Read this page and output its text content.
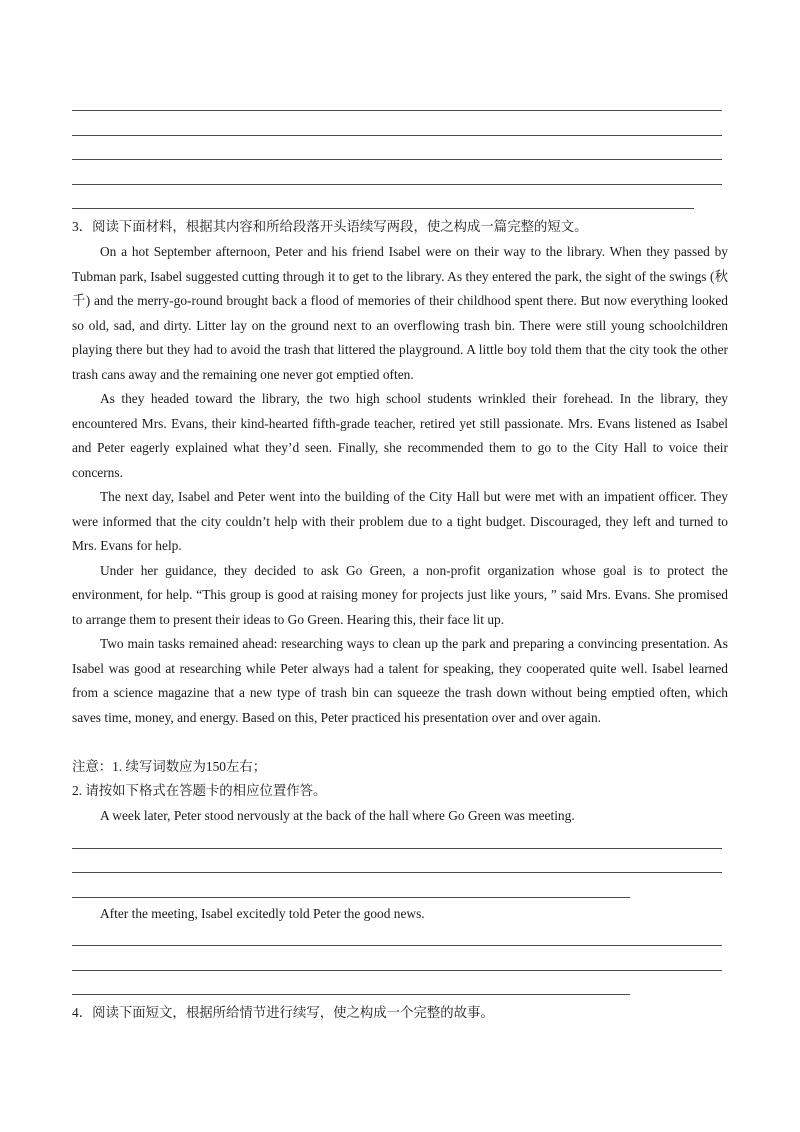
3．阅读下面材料，根据其内容和所给段落开头语续写两段，使之构成一篇完整的短文。
On a hot September afternoon, Peter and his friend Isabel were on their way to the library. When they passed by Tubman park, Isabel suggested cutting through it to get to the library. As they entered the park, the sight of the swings (秋千) and the merry-go-round brought back a flood of memories of their childhood spent there. But now everything looked so old, sad, and dirty. Litter lay on the ground next to an overflowing trash bin. There were still young schoolchildren playing there but they had to avoid the trash that littered the playground. A little boy told them that the city took the other trash cans away and the remaining one never got emptied often.
As they headed toward the library, the two high school students wrinkled their forehead. In the library, they encountered Mrs. Evans, their kind-hearted fifth-grade teacher, retired yet still passionate. Mrs. Evans listened as Isabel and Peter eagerly explained what they’d seen. Finally, she recommended them to go to the City Hall to voice their concerns.
The next day, Isabel and Peter went into the building of the City Hall but were met with an impatient officer. They were informed that the city couldn’t help with their problem due to a tight budget. Discouraged, they left and turned to Mrs. Evans for help.
Under her guidance, they decided to ask Go Green, a non-profit organization whose goal is to protect the environment, for help. “This group is good at raising money for projects just like yours, ” said Mrs. Evans. She promised to arrange them to present their ideas to Go Green. Hearing this, their face lit up.
Two main tasks remained ahead: researching ways to clean up the park and preparing a convincing presentation. As Isabel was good at researching while Peter always had a talent for speaking, they cooperated quite well. Isabel learned from a science magazine that a new type of trash bin can squeeze the trash down without being emptied often, which saves time, money, and energy. Based on this, Peter practiced his presentation over and over again.
注意：1. 续写词数应为150左右；
2. 请按如下格式在答题卡的相应位置作答。
A week later, Peter stood nervously at the back of the hall where Go Green was meeting.
After the meeting, Isabel excitedly told Peter the good news.
4．阅读下面短文，根据所给情节进行续写，使之构成一个完整的故事。
